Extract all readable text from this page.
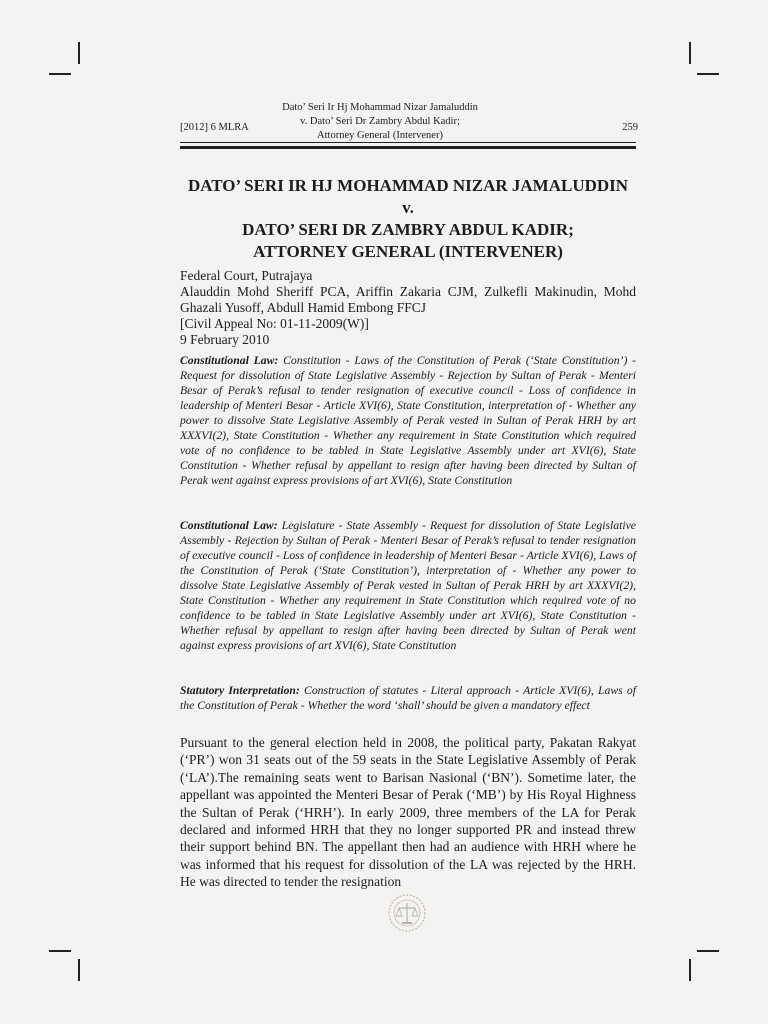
Dato’ Seri Ir Hj Mohammad Nizar Jamaluddin
v. Dato’ Seri Dr Zambry Abdul Kadir;
Attorney General (Intervener)
[2012] 6 MLRA	259
DATO’ SERI IR HJ MOHAMMAD NIZAR JAMALUDDIN
v.
DATO’ SERI DR ZAMBRY ABDUL KADIR;
ATTORNEY GENERAL (INTERVENER)
Federal Court, Putrajaya
Alauddin Mohd Sheriff PCA, Ariffin Zakaria CJM, Zulkefli Makinudin, Mohd Ghazali Yusoff, Abdull Hamid Embong FFCJ
[Civil Appeal No: 01-11-2009(W)]
9 February 2010
Constitutional Law: Constitution - Laws of the Constitution of Perak (‘State Constitution’) - Request for dissolution of State Legislative Assembly - Rejection by Sultan of Perak - Menteri Besar of Perak’s refusal to tender resignation of executive council - Loss of confidence in leadership of Menteri Besar - Article XVI(6), State Constitution, interpretation of - Whether any power to dissolve State Legislative Assembly of Perak vested in Sultan of Perak HRH by art XXXVI(2), State Constitution - Whether any requirement in State Constitution which required vote of no confidence to be tabled in State Legislative Assembly under art XVI(6), State Constitution - Whether refusal by appellant to resign after having been directed by Sultan of Perak went against express provisions of art XVI(6), State Constitution
Constitutional Law: Legislature - State Assembly - Request for dissolution of State Legislative Assembly - Rejection by Sultan of Perak - Menteri Besar of Perak’s refusal to tender resignation of executive council - Loss of confidence in leadership of Menteri Besar - Article XVI(6), Laws of the Constitution of Perak (‘State Constitution’), interpretation of - Whether any power to dissolve State Legislative Assembly of Perak vested in Sultan of Perak HRH by art XXXVI(2), State Constitution - Whether any requirement in State Constitution which required vote of no confidence to be tabled in State Legislative Assembly under art XVI(6), State Constitution - Whether refusal by appellant to resign after having been directed by Sultan of Perak went against express provisions of art XVI(6), State Constitution
Statutory Interpretation: Construction of statutes - Literal approach - Article XVI(6), Laws of the Constitution of Perak - Whether the word ‘shall’ should be given a mandatory effect
Pursuant to the general election held in 2008, the political party, Pakatan Rakyat (‘PR’) won 31 seats out of the 59 seats in the State Legislative Assembly of Perak (‘LA’).The remaining seats went to Barisan Nasional (‘BN’). Sometime later, the appellant was appointed the Menteri Besar of Perak (‘MB’) by His Royal Highness the Sultan of Perak (‘HRH’). In early 2009, three members of the LA for Perak declared and informed HRH that they no longer supported PR and instead threw their support behind BN. The appellant then had an audience with HRH where he was informed that his request for dissolution of the LA was rejected by the HRH. He was directed to tender the resignation
